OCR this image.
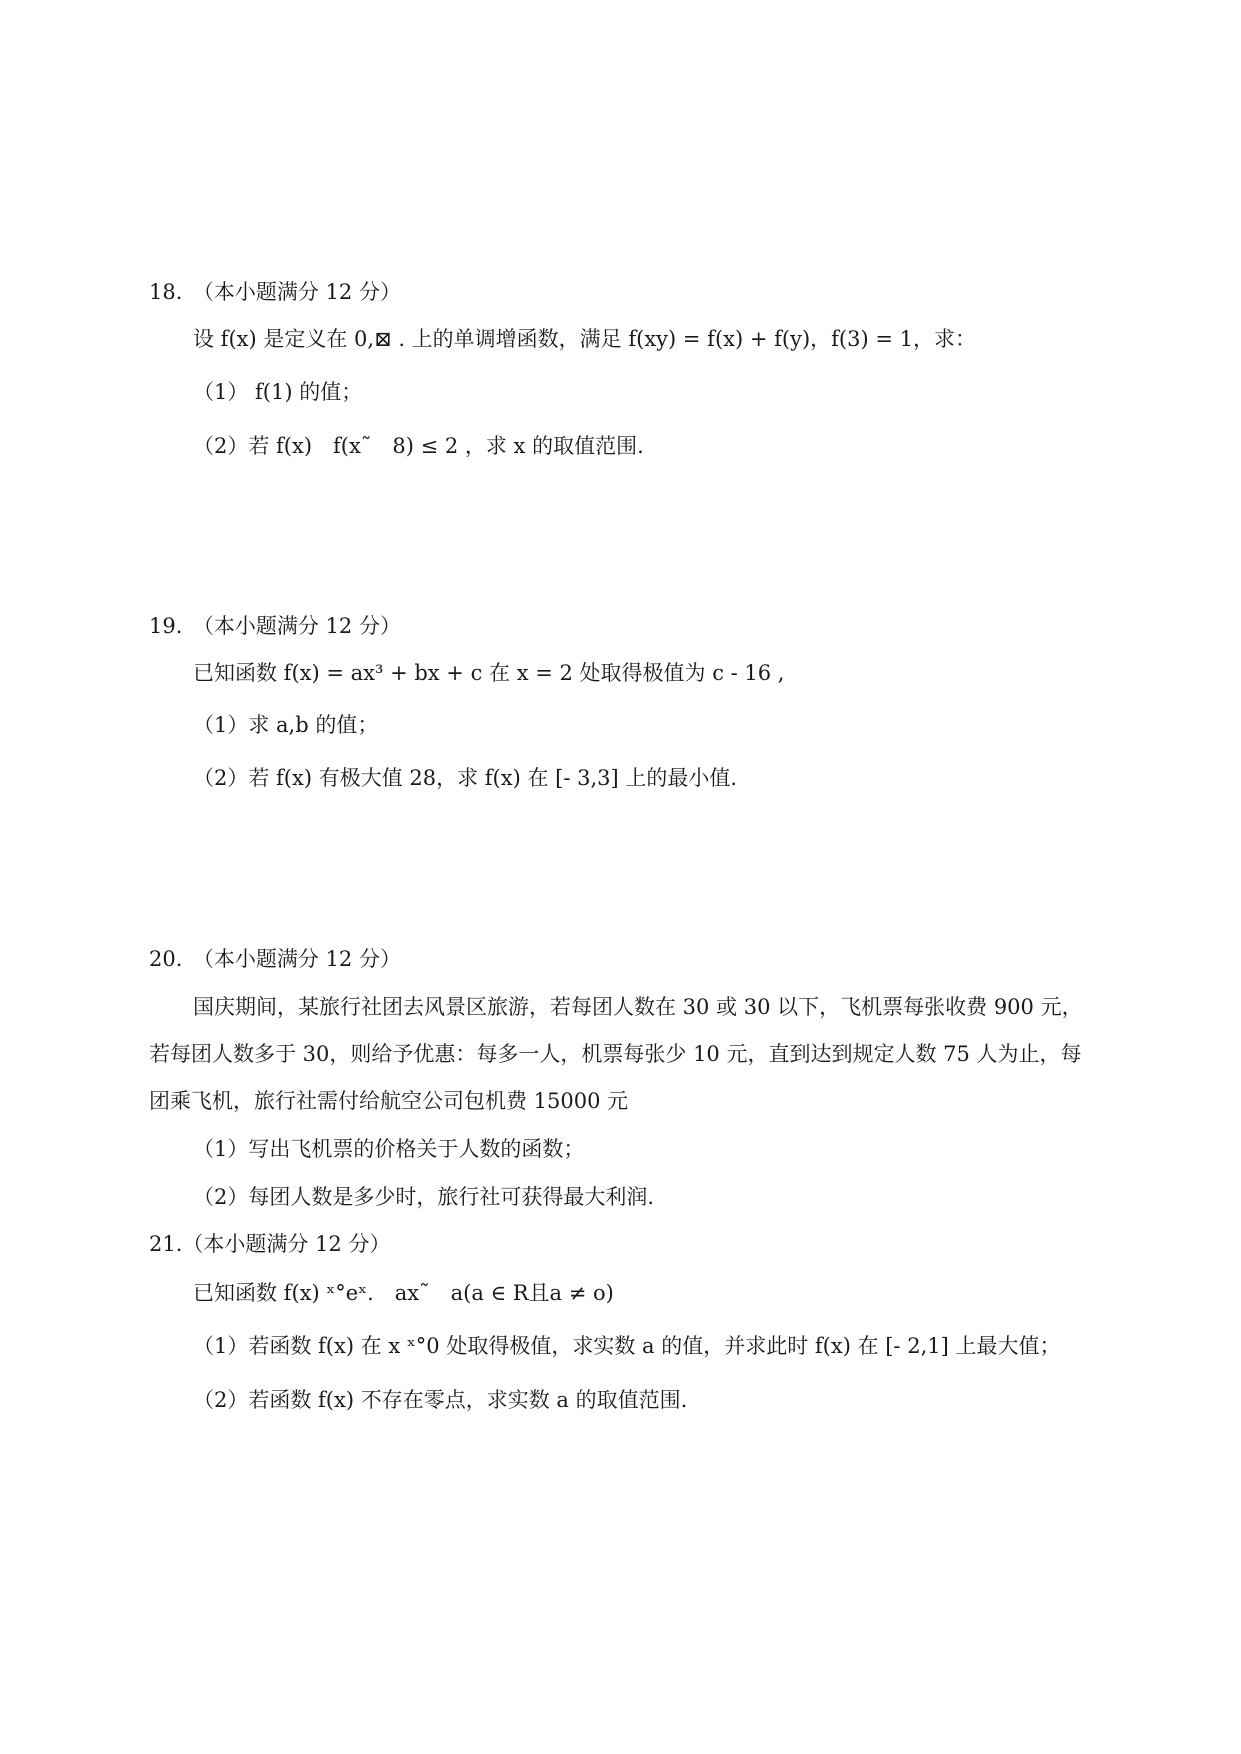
18.　（本小题满分 12 分）
设 f(x) 是定义在 0,⊠ . 上的单调增函数，满足 f(xy) = f(x) + f(y)，f(3) = 1，求：
（1） f(1) 的值；
（2）若 f(x)　f(x˜　8) ≤ 2 ，求 x 的取值范围.
19.　（本小题满分 12 分）
已知函数 f(x) = ax³ + bx + c 在 x = 2 处取得极值为 c - 16 ,
（1）求 a,b 的值；
（2）若 f(x) 有极大值 28，求 f(x) 在 [- 3,3] 上的最小值.
20.　（本小题满分 12 分）
国庆期间，某旅行社团去风景区旅游，若每团人数在 30 或 30 以下，飞机票每张收费 900 元，
若每团人数多于 30，则给予优惠：每多一人，机票每张少 10 元，直到达到规定人数 75 人为止，每
团乘飞机，旅行社需付给航空公司包机费 15000 元
（1）写出飞机票的价格关于人数的函数；
（2）每团人数是多少时，旅行社可获得最大利润.
21.（本小题满分 12 分）
已知函数 f(x) ˣ°eˣ.　ax˜　a(a ∈ R且a ≠ o)
（1）若函数 f(x) 在 x ˣ°0 处取得极值，求实数 a 的值，并求此时 f(x) 在 [- 2,1] 上最大值；
（2）若函数 f(x) 不存在零点，求实数 a 的取值范围.
